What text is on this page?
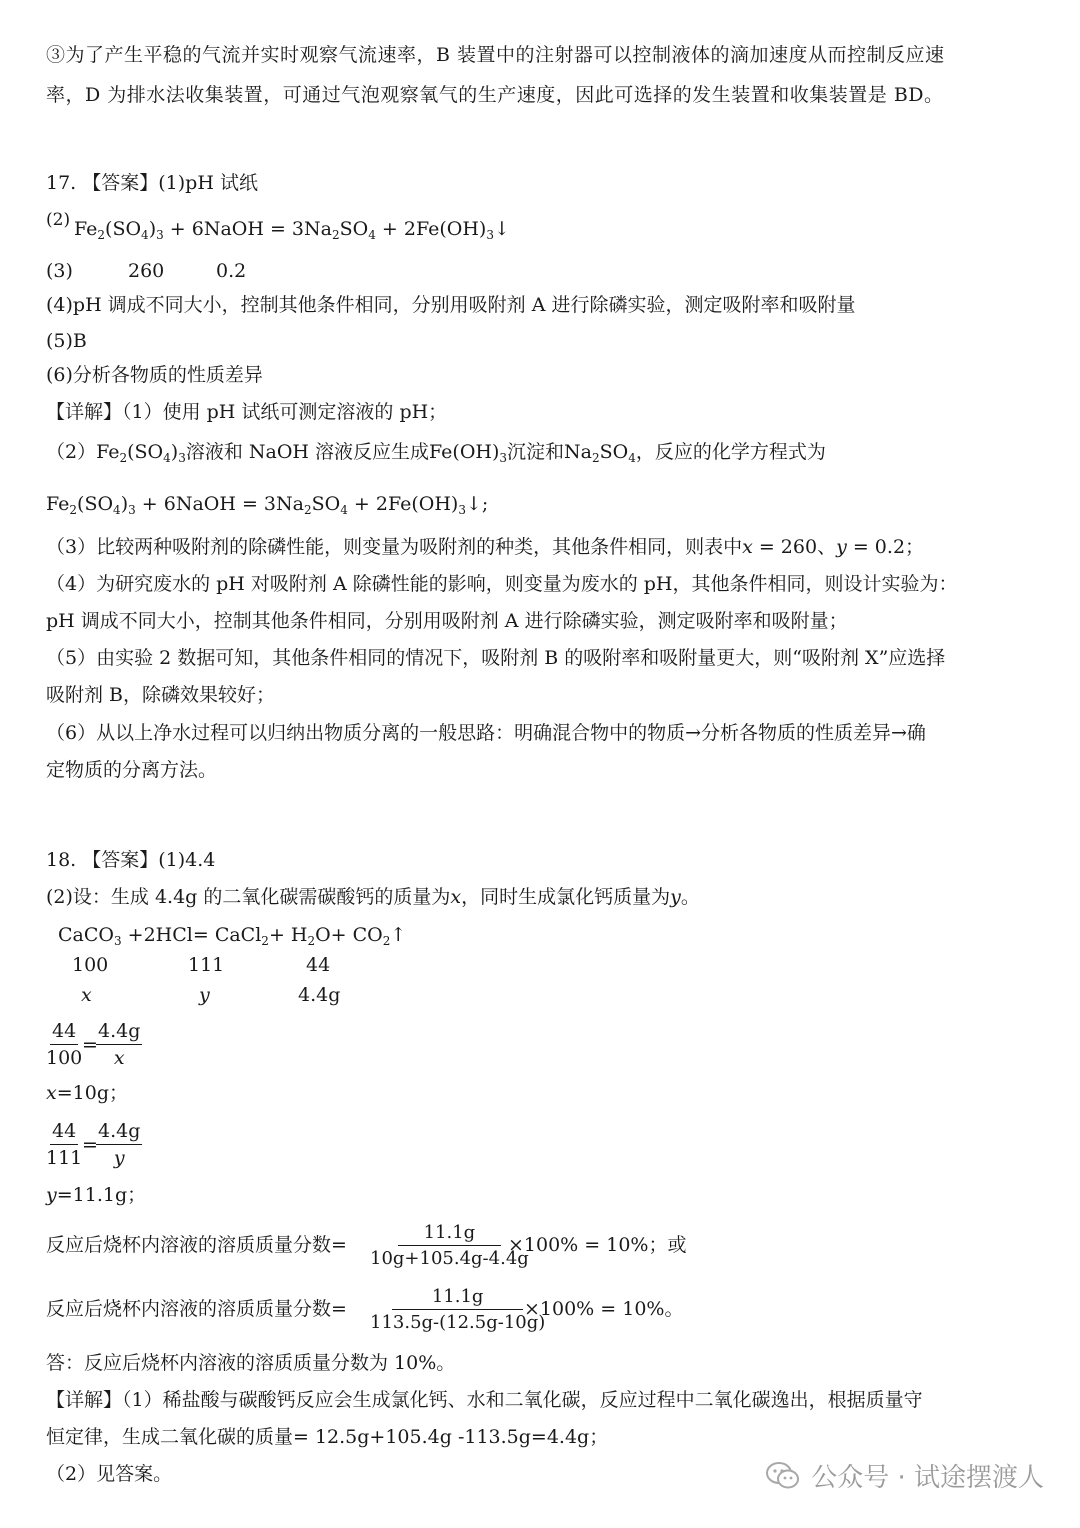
③为了产生平稳的气流并实时观察气流速率，B 装置中的注射器可以控制液体的滴加速度从而控制反应速
率，D 为排水法收集装置，可通过气泡观察氧气的生产速度，因此可选择的发生装置和收集装置是 BD。
17. 【答案】(1)pH 试纸
(2) $Fe_2(SO_4)_3$ + 6NaOH = $3Na_2SO_4$ + $2Fe(OH)_3↓$
(3)	260	0.2
(4)pH 调成不同大小，控制其他条件相同，分别用吸附剂 A 进行除磷实验，测定吸附率和吸附量
(5)B
(6)分析各物质的性质差异
【详解】（1）使用 pH 试纸可测定溶液的 pH；
$(2)Fe_2(SO_4)_3$溶液和 NaOH 溶液反应生成$Fe(OH)_3$沉淀和$Na_2SO_4$，反应的化学方程式为
$Fe_2(SO_4)_3$ + 6NaOH = $3Na_2SO_4$ + $2Fe(OH)_3↓$;
（3）比较两种吸附剂的除磷性能，则变量为吸附剂的种类，其他条件相同，则表中x = 260、y = 0.2；
（4）为研究废水的 pH 对吸附剂 A 除磷性能的影响，则变量为废水的 pH，其他条件相同，则设计实验为：
pH 调成不同大小，控制其他条件相同，分别用吸附剂 A 进行除磷实验，测定吸附率和吸附量；
（5）由实验 2 数据可知，其他条件相同的情况下，吸附剂 B 的吸附率和吸附量更大，则“吸附剂 X”应选择
吸附剂 B，除磷效果较好；
（6）从以上净水过程可以归纳出物质分离的一般思路：明确混合物中的物质→分析各物质的性质差异→确
定物质的分离方法。
18. 【答案】(1)4.4
(2)设：生成 4.4g 的二氧化碳需碳酸钙的质量为x，同时生成氯化钙质量为y。
CaCO$_3$ +2HCl= CaCl$_2$+ $H_2O+$ $CO_2↑$
100	111	44
x	y	4.4g
44
100
=
4.4g
x
x=10g；
44
111
=
4.4g
y
y=11.1g；
反应后烧杯内溶液的溶质质量分数=
11.1g
10g+105.4g-4.4g
×100% = 10%；或
反应后烧杯内溶液的溶质质量分数=
11.1g
113.5g-(12.5g-10g)
×100% = 10%。
答：反应后烧杯内溶液的溶质质量分数为 10%。
【详解】（1）稀盐酸与碳酸钙反应会生成氯化钙、水和二氧化碳，反应过程中二氧化碳逸出，根据质量守
恒定律，生成二氧化碳的质量= 12.5g+105.4g -113.5g=4.4g；
（2）见答案。	公众号 · 试途摆渡人
